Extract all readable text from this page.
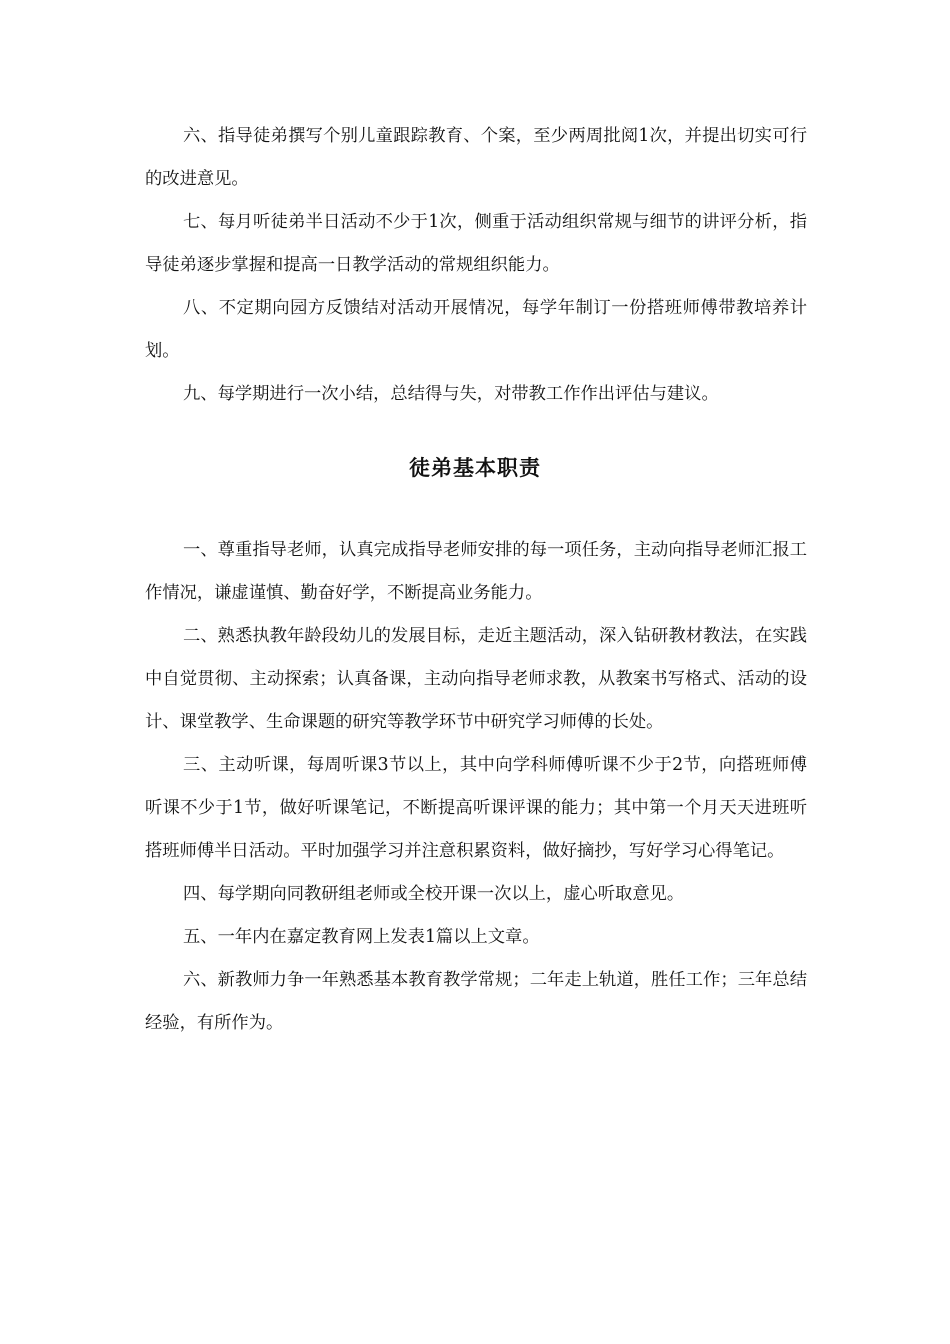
六、指导徒弟撰写个别儿童跟踪教育、个案，至少两周批阅1次，并提出切实可行的改进意见。

七、每月听徒弟半日活动不少于1次，侧重于活动组织常规与细节的讲评分析，指导徒弟逐步掌握和提高一日教学活动的常规组织能力。

八、不定期向园方反馈结对活动开展情况，每学年制订一份搭班师傅带教培养计划。

九、每学期进行一次小结，总结得与失，对带教工作作出评估与建议。

徒弟基本职责

一、尊重指导老师，认真完成指导老师安排的每一项任务，主动向指导老师汇报工作情况，谦虚谨慎、勤奋好学，不断提高业务能力。

二、熟悉执教年龄段幼儿的发展目标，走近主题活动，深入钻研教材教法，在实践中自觉贯彻、主动探索；认真备课，主动向指导老师求教，从教案书写格式、活动的设计、课堂教学、生命课题的研究等教学环节中研究学习师傅的长处。

三、主动听课，每周听课3节以上，其中向学科师傅听课不少于2节，向搭班师傅听课不少于1节，做好听课笔记，不断提高听课评课的能力；其中第一个月天天进班听搭班师傅半日活动。平时加强学习并注意积累资料，做好摘抄，写好学习心得笔记。

四、每学期向同教研组老师或全校开课一次以上，虚心听取意见。

五、一年内在嘉定教育网上发表1篇以上文章。

六、新教师力争一年熟悉基本教育教学常规；二年走上轨道，胜任工作；三年总结经验，有所作为。
